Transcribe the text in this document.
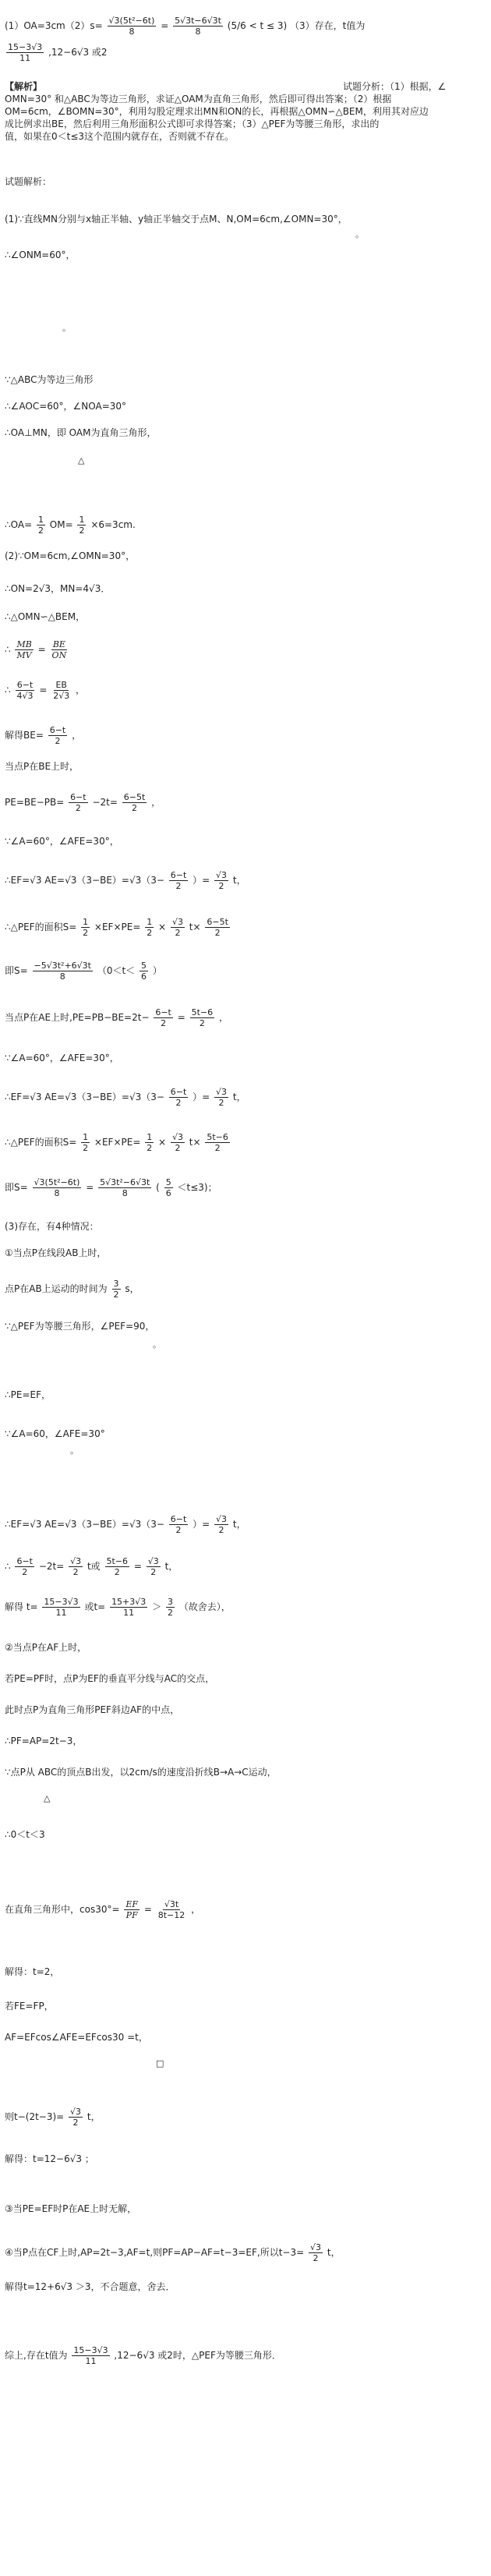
$(1)OA=3cm(2)s= \frac{\text{√3(5t²−6t)}}{8} = \frac{5√3t-6√3t}{8} (5/6 < t \le 3)$ （3）存在，t值为
$\frac{15-3√3}{11} ,12-6√3$ 或2
【解析】	试题分析：（1）根据，∠
OMN=30° 和△ABC为等边三角形，求证△OAM为直角三角形，然后即可得出答案；（2）根据
OM=6cm，∠BOMN=30°，利用勾股定理求出MN和ON的长，再根据△OMN∽△BEM，利用其对应边
成比例求出BE，然后利用三角形面积公式即可求得答案；（3）△PEF为等腰三角形，求出的
值，如果在0＜t≤3这个范围内就存在，否则就不存在。
试题解析：
(1)∵直线MN分别与x轴正半轴、y轴正半轴交于点M、N,OM=6cm,∠OMN=30°，
。
∴∠ONM=60°，
。
∵△ABC为等边三角形
∴∠AOC=60°，∠NOA=30°
∴OA⊥MN，即 OAM为直角三角形，
△
∴OA= $\frac{1}{2} OM= \frac{1}{2} \times 6=3cm$.
(2)∵OM=6cm,∠OMN=30°，
∴ON=2√3，MN=4√3．
∴△OMN∽△BEM，
∴ $\frac{MB}{MV} = \frac{BE}{ON}$
∴ $\frac{6-t}{4√3} = \frac{EB}{2√3}$ ，
解得$BE= \frac{6-t}{2}$ ，
当点P在BE上时，
$PE=BE-PB= \frac{6-t}{2} -2t= \frac{6-5t}{2}$ ，
∵∠A=60°，∠AFE=30°，
∴EF=√3 $AE=√3(3-BE)=√3(3- \frac{6-t}{2}$ ）= $\frac{√3}{2}$ t，
∴△PEF的面积$S= \frac{1}{2} \times EF\times PE= \frac{1}{2} \times \frac{√3}{2} t\times \frac{6-5t}{2}$
即$S= \frac{\text{−5√3t²+6√3t}}{8} (0<t< \frac{5}{6}$ ）
当点P在AE上时$,PE=PB-BE=2t- \frac{6-t}{2} = \frac{5t-6}{2}$ ，
∵∠A=60°，∠AFE=30°，
∴EF=√3 $AE=√3(3-BE)=√3(3- \frac{6-t}{2}$ ）= $\frac{√3}{2}$ t，
∴△PEF的面积$S= \frac{1}{2} \times EF\times PE= \frac{1}{2} \times \frac{√3}{2} t\times \frac{5t-6}{2}$
即$S= \frac{\text{√3(5t²−6t)}}{8} = \frac{\text{5√3t²−6√3t}}{8}$ ( $\frac{5}{6} <t\le 3$)；
(3)存在，有4种情况：
①当点P在线段AB上时，
点P在AB上运动的时间为 $\frac{3}{2}$ s，
∵△PEF为等腰三角形，∠PEF=90，
。
∴PE=EF，
∵∠A=60，∠AFE=30°
。
∴EF=√3 $AE=√3(3-BE)=√3(3- \frac{6-t}{2}$ ）= $\frac{√3}{2}$ t，
∴ $\frac{6-t}{2} -2t= \frac{√3}{2}$ t或 $\frac{5t-6}{2} = \frac{√3}{2}$ t，
解得 $t= \frac{15-3√3}{11}$ 或$t= \frac{15+3√3}{11} > \frac{3}{2}$ （故舍去），
②当点P在AF上时，
若PE=PF时，点P为EF的垂直平分线与AC的交点，
此时点P为直角三角形PEF斜边AF的中点，
∴PF=AP=2t−3，
∵点P从 ABC的顶点B出发，以2cm/s的速度沿折线B→A→C运动，
△
∴0＜t＜3
在直角三角形中，$\cos 30^\circ= \frac{EF}{PF} = \frac{√3t}{8t-12}$ ，
解得：t=2，
若FE=FP，
AF=EFcos∠AFE=EFcos30 =t，
□
则$t-(2t-3)= \frac{√3}{2}$ t，
解得：t=12−6√3 ；
③当PE=EF时P在AE上时无解，
④当P点在CF上时,AP=2t−3,AF=t,则PF=AP−AF=t−3=EF,所以$t-3= \frac{√3}{2}$ t，
解得t=12+6√3 ＞3，不合题意，舍去．
综上,存在t值为 $\frac{15-3√3}{11} ,12-6√3$ 或2时，△PEF为等腰三角形．
